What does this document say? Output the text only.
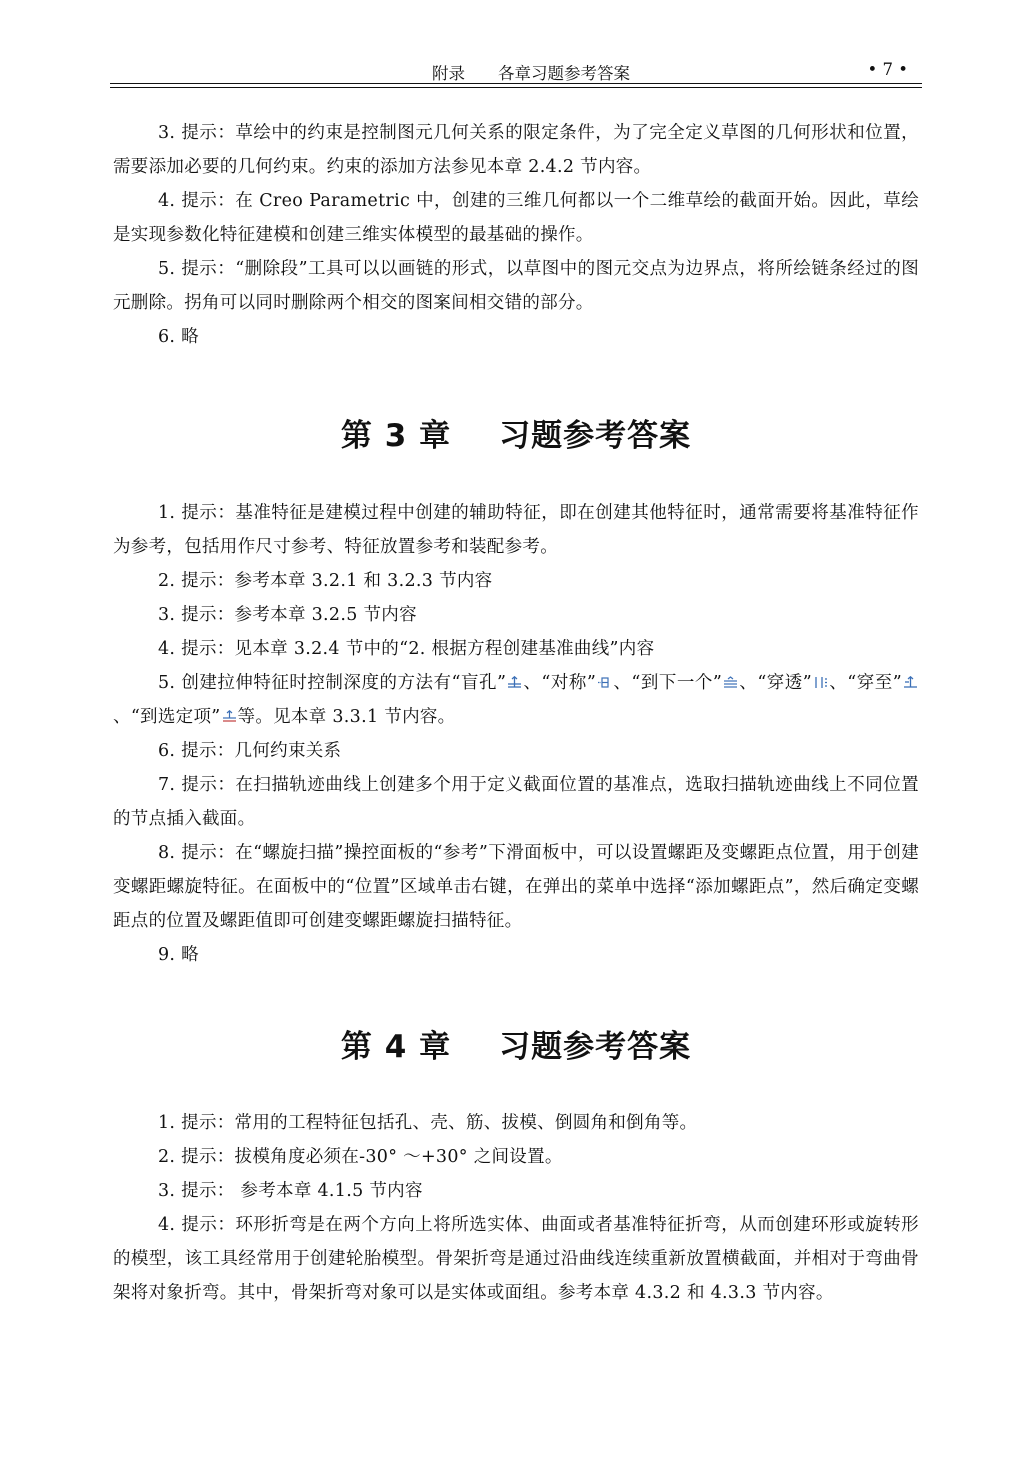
附录　　各章习题参考答案	• 7 •

3. 提示：草绘中的约束是控制图元几何关系的限定条件，为了完全定义草图的几何形状和位置，需要添加必要的几何约束。约束的添加方法参见本章 2.4.2 节内容。

4. 提示：在 Creo Parametric 中，创建的三维几何都以一个二维草绘的截面开始。因此，草绘是实现参数化特征建模和创建三维实体模型的最基础的操作。

5. 提示：“删除段”工具可以以画链的形式，以草图中的图元交点为边界点，将所绘链条经过的图元删除。拐角可以同时删除两个相交的图案间相交错的部分。

6. 略

第 3 章 习题参考答案

1. 提示：基准特征是建模过程中创建的辅助特征，即在创建其他特征时，通常需要将基准特征作为参考，包括用作尺寸参考、特征放置参考和装配参考。

2. 提示：参考本章 3.2.1 和 3.2.3 节内容

3. 提示：参考本章 3.2.5 节内容

4. 提示：见本章 3.2.4 节中的“2. 根据方程创建基准曲线”内容

5. 创建拉伸特征时控制深度的方法有“盲孔” 、“对称” 、“到下一个” 、“穿透” 、“穿至”
、“到选定项” 等。见本章 3.3.1 节内容。

6. 提示：几何约束关系

7. 提示：在扫描轨迹曲线上创建多个用于定义截面位置的基准点，选取扫描轨迹曲线上不同位置的节点插入截面。

8. 提示：在“螺旋扫描”操控面板的“参考”下滑面板中，可以设置螺距及变螺距点位置，用于创建变螺距螺旋特征。在面板中的“位置”区域单击右键，在弹出的菜单中选择“添加螺距点”，然后确定变螺距点的位置及螺距值即可创建变螺距螺旋扫描特征。

9. 略

第 4 章 习题参考答案

1. 提示：常用的工程特征包括孔、壳、筋、拔模、倒圆角和倒角等。

2. 提示：拔模角度必须在-30° ～+30° 之间设置。

3. 提示： 参考本章 4.1.5 节内容

4. 提示：环形折弯是在两个方向上将所选实体、曲面或者基准特征折弯，从而创建环形或旋转形的模型，该工具经常用于创建轮胎模型。骨架折弯是通过沿曲线连续重新放置横截面，并相对于弯曲骨架将对象折弯。其中，骨架折弯对象可以是实体或面组。参考本章 4.3.2 和 4.3.3 节内容。
